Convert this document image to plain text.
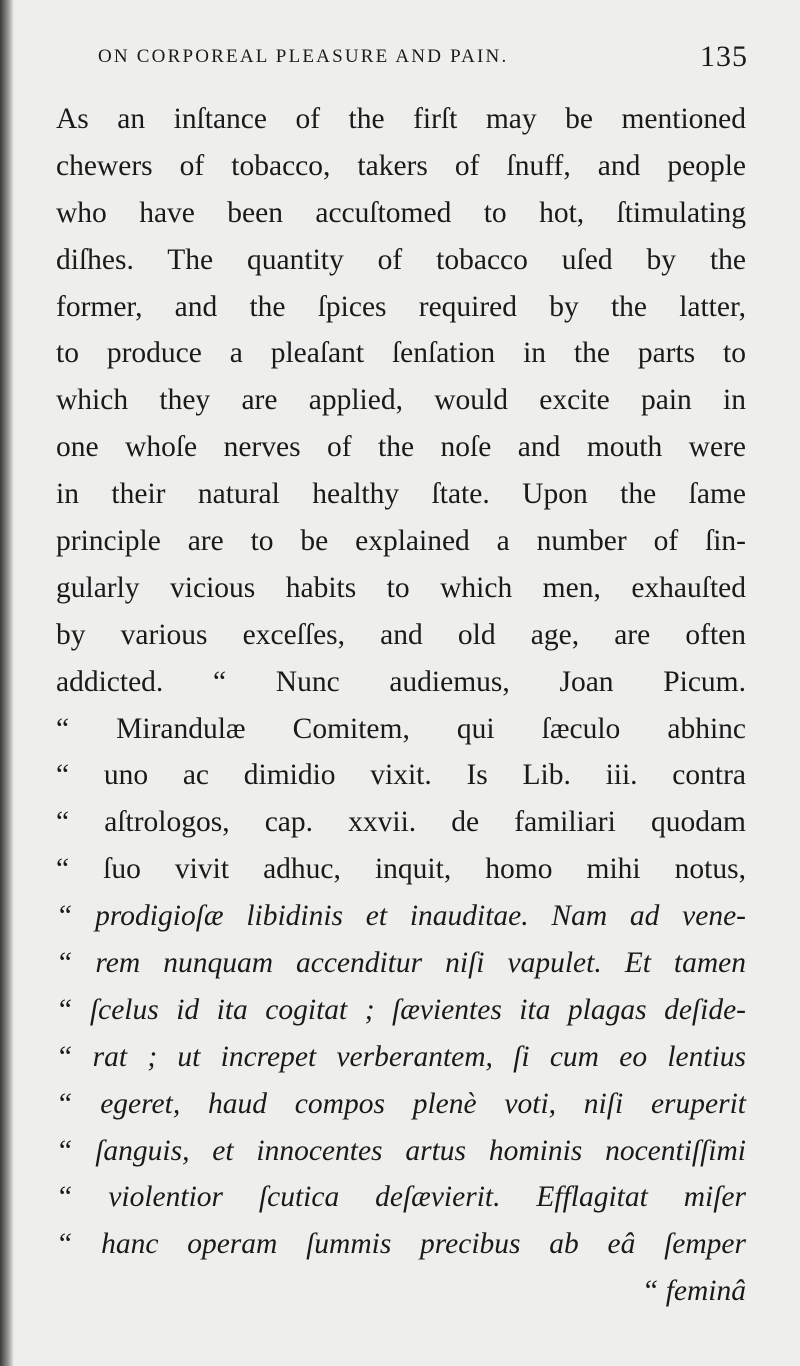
ON CORPOREAL PLEASURE AND PAIN.	135
As an inſtance of the firſt may be mentioned
chewers of tobacco, takers of ſnuff, and people
who have been accuſtomed to hot, ſtimulating
diſhes. The quantity of tobacco uſed by the
former, and the ſpices required by the latter,
to produce a pleaſant ſenſation in the parts to
which they are applied, would excite pain in
one whoſe nerves of the noſe and mouth were
in their natural healthy ſtate. Upon the ſame
principle are to be explained a number of ſin-
gularly vicious habits to which men, exhauſted
by various exceſſes, and old age, are often
addicted. “ Nunc audiemus, Joan Picum.
“ Mirandulæ Comitem, qui ſæculo abhinc
“ uno ac dimidio vixit. Is Lib. iii. contra
“ aſtrologos, cap. xxvii. de familiari quodam
“ ſuo vivit adhuc, inquit, homo mihi notus,
“ prodigioſæ libidinis et inauditae. Nam ad vene-
“ rem nunquam accenditur niſi vapulet. Et tamen
“ ſcelus id ita cogitat ; ſævientes ita plagas deſide-
“ rat ; ut increpet verberantem, ſi cum eo lentius
“ egeret, haud compos plenè voti, niſi eruperit
“ ſanguis, et innocentes artus hominis nocentiſſimi
“ violentior ſcutica deſævierit. Efflagitat miſer
“ hanc operam ſummis precibus ab eâ ſemper
“ feminâ
